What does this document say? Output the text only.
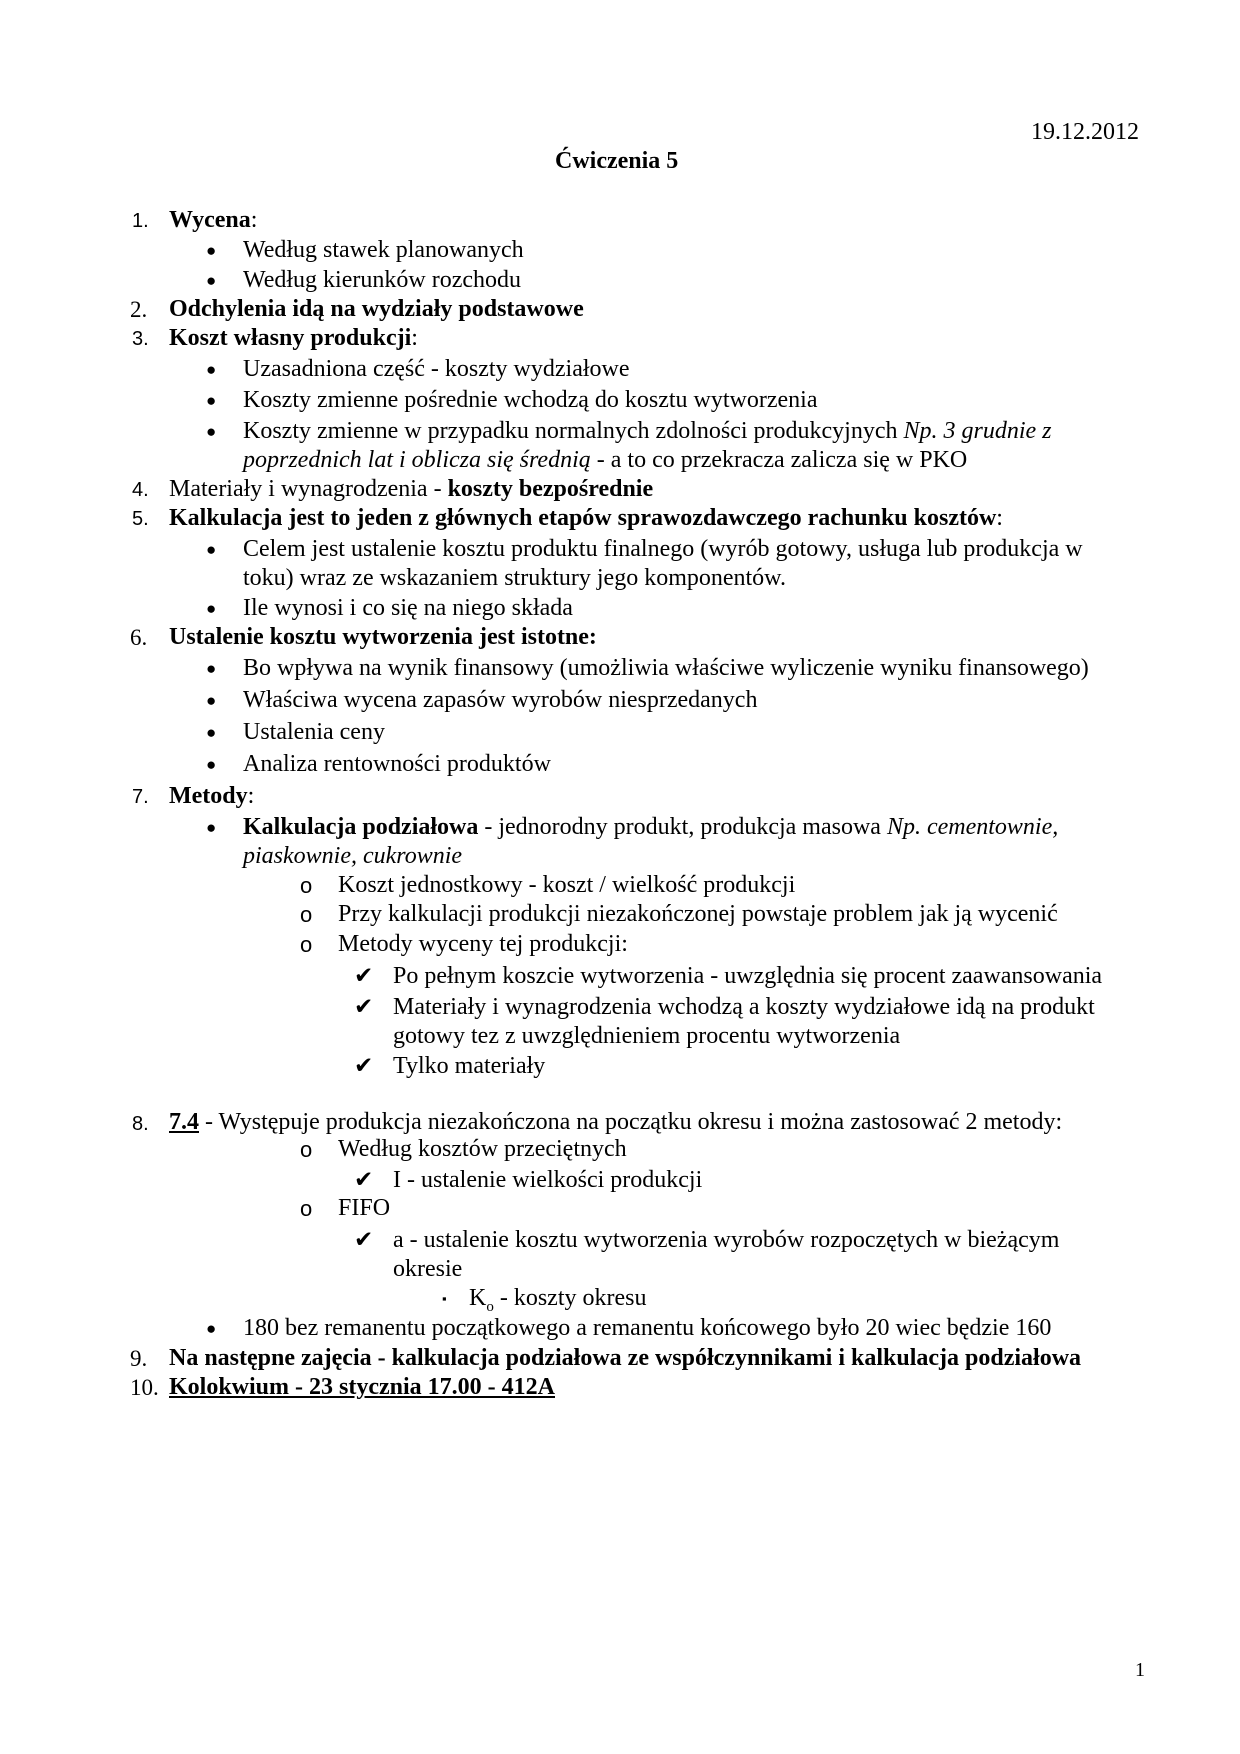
19.12.2012
Ćwiczenia 5
1. Wycena:
● Według stawek planowanych
● Według kierunków rozchodu
2. Odchylenia idą na wydziały podstawowe
3. Koszt własny produkcji:
● Uzasadniona część - koszty wydziałowe
● Koszty zmienne pośrednie wchodzą do kosztu wytworzenia
● Koszty zmienne w przypadku normalnych zdolności produkcyjnych Np. 3 grudnie z
poprzednich lat i oblicza się średnią - a to co przekracza zalicza się w PKO
4. Materiały i wynagrodzenia - koszty bezpośrednie
5. Kalkulacja jest to jeden z głównych etapów sprawozdawczego rachunku kosztów:
● Celem jest ustalenie kosztu produktu finalnego (wyrób gotowy, usługa lub produkcja w
toku) wraz ze wskazaniem struktury jego komponentów.
● Ile wynosi i co się na niego składa
6. Ustalenie kosztu wytworzenia jest istotne:
● Bo wpływa na wynik finansowy (umożliwia właściwe wyliczenie wyniku finansowego)
● Właściwa wycena zapasów wyrobów niesprzedanych
● Ustalenia ceny
● Analiza rentowności produktów
7. Metody:
● Kalkulacja podziałowa - jednorodny produkt, produkcja masowa Np. cementownie,
piaskownie, cukrownie
o Koszt jednostkowy - koszt / wielkość produkcji
o Przy kalkulacji produkcji niezakończonej powstaje problem jak ją wycenić
o Metody wyceny tej produkcji:
✔ Po pełnym koszcie wytworzenia - uwzględnia się procent zaawansowania
✔ Materiały i wynagrodzenia wchodzą a koszty wydziałowe idą na produkt
gotowy tez z uwzględnieniem procentu wytworzenia
✔ Tylko materiały
8. 7.4 - Występuje produkcja niezakończona na początku okresu i można zastosować 2 metody:
o Według kosztów przeciętnych
✔ I - ustalenie wielkości produkcji
o FIFO
✔ a - ustalenie kosztu wytworzenia wyrobów rozpoczętych w bieżącym
okresie
▪ $K_o$ - koszty okresu
● 180 bez remanentu początkowego a remanentu końcowego było 20 wiec będzie 160
9. Na następne zajęcia - kalkulacja podziałowa ze współczynnikami i kalkulacja podziałowa
10. Kolokwium - 23 stycznia 17.00 - 412A
1
